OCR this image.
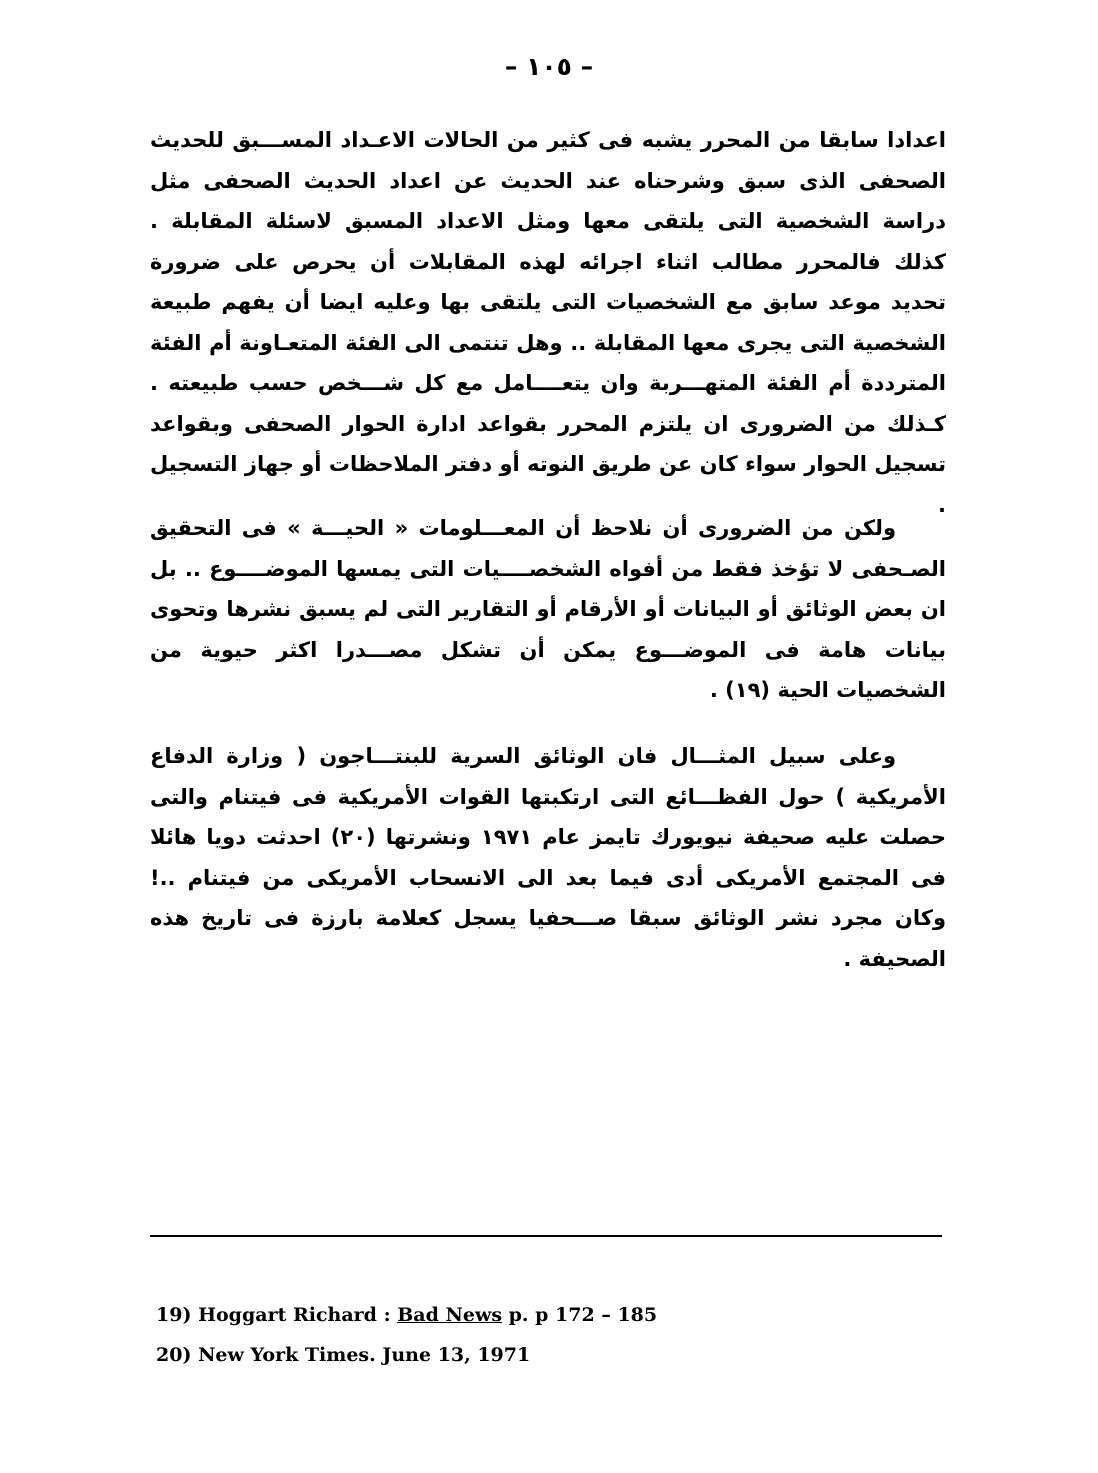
– ١٠٥ –

اعدادا سابقا من المحرر يشبه فى كثير من الحالات الاعـداد المســـبق للحديث الصحفى الذى سبق وشرحناه عند الحديث عن اعداد الحديث الصحفى مثل دراسة الشخصية التى يلتقى معها ومثل الاعداد المسبق لاسئلة المقابلة . كذلك فالمحرر مطالب اثناء اجرائه لهذه المقابلات أن يحرص على ضرورة تحديد موعد سابق مع الشخصيات التى يلتقى بها وعليه ايضا أن يفهم طبيعة الشخصية التى يجرى معها المقابلة .. وهل تنتمى الى الفئة المتعـاونة أم الفئة المترددة أم الفئة المتهـــربة وان يتعــــامل مع كل شـــخص حسب طبيعته . كـذلك من الضرورى ان يلتزم المحرر بقواعد ادارة الحوار الصحفى وبقواعد تسجيل الحوار سواء كان عن طريق النوته أو دفتر الملاحظات أو جهاز التسجيل .

ولكن من الضرورى أن نلاحظ أن المعـــلومات « الحيـــة » فى التحقيق الصـحفى لا تؤخذ فقط من أفواه الشخصــــيات التى يمسها الموضــــوع .. بل ان بعض الوثائق أو البيانات أو الأرقام أو التقارير التى لم يسبق نشرها وتحوى بيانات هامة فى الموضـــوع يمكن أن تشكل مصـــدرا اكثر حيوية من الشخصيات الحية (١٩) .

وعلى سبيل المثـــال فان الوثائق السرية للبنتـــاجون ( وزارة الدفاع الأمريكية ) حول الفظـــائع التى ارتكبتها القوات الأمريكية فى فيتنام والتى حصلت عليه صحيفة نيويورك تايمز عام ١٩٧١ ونشرتها (٢٠) احدثت دويا هائلا فى المجتمع الأمريكى أدى فيما بعد الى الانسحاب الأمريكى من فيتنام ..! وكان مجرد نشر الوثائق سبقا صـــحفيا يسجل كعلامة بارزة فى تاريخ هذه الصحيفة .

19) Hoggart Richard : Bad News p. p 172 – 185
20) New York Times. June 13, 1971
